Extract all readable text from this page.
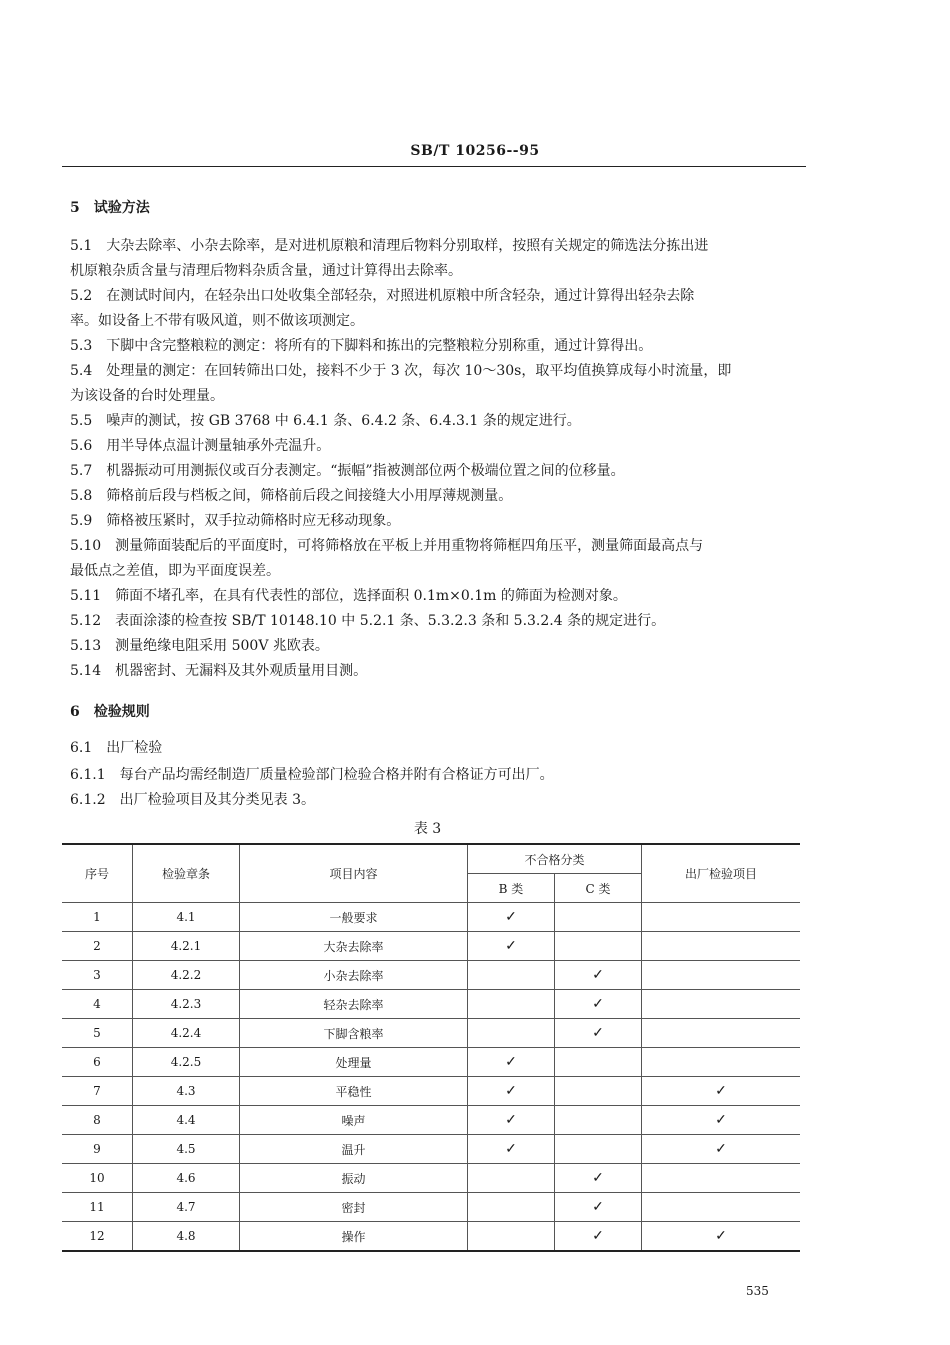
SB/T 10256--95
5 试验方法
5.1 大杂去除率、小杂去除率，是对进机原粮和清理后物料分别取样，按照有关规定的筛选法分拣出进
机原粮杂质含量与清理后物料杂质含量，通过计算得出去除率。
5.2 在测试时间内，在轻杂出口处收集全部轻杂，对照进机原粮中所含轻杂，通过计算得出轻杂去除
率。如设备上不带有吸风道，则不做该项测定。
5.3 下脚中含完整粮粒的测定：将所有的下脚料和拣出的完整粮粒分别称重，通过计算得出。
5.4 处理量的测定：在回转筛出口处，接料不少于 3 次，每次 10～30s，取平均值换算成每小时流量，即
为该设备的台时处理量。
5.5 噪声的测试，按 GB 3768 中 6.4.1 条、6.4.2 条、6.4.3.1 条的规定进行。
5.6 用半导体点温计测量轴承外壳温升。
5.7 机器振动可用测振仪或百分表测定。“振幅”指被测部位两个极端位置之间的位移量。
5.8 筛格前后段与档板之间，筛格前后段之间接缝大小用厚薄规测量。
5.9 筛格被压紧时，双手拉动筛格时应无移动现象。
5.10 测量筛面装配后的平面度时，可将筛格放在平板上并用重物将筛框四角压平，测量筛面最高点与
最低点之差值，即为平面度误差。
5.11 筛面不堵孔率，在具有代表性的部位，选择面积 0.1m×0.1m 的筛面为检测对象。
5.12 表面涂漆的检查按 SB/T 10148.10 中 5.2.1 条、5.3.2.3 条和 5.3.2.4 条的规定进行。
5.13 测量绝缘电阻采用 500V 兆欧表。
5.14 机器密封、无漏料及其外观质量用目测。
6 检验规则
6.1 出厂检验
6.1.1 每台产品均需经制造厂质量检验部门检验合格并附有合格证方可出厂。
6.1.2 出厂检验项目及其分类见表 3。
表 3
序号	检验章条	项目内容	不合格分类		出厂检验项目
			B 类	C 类	
1	4.1	一般要求	✓		
2	4.2.1	大杂去除率	✓		
3	4.2.2	小杂去除率		✓	
4	4.2.3	轻杂去除率		✓	
5	4.2.4	下脚含粮率		✓	
6	4.2.5	处理量	✓		
7	4.3	平稳性	✓		✓
8	4.4	噪声	✓		✓
9	4.5	温升	✓		✓
10	4.6	振动		✓	
11	4.7	密封		✓	
12	4.8	操作		✓	✓
535
